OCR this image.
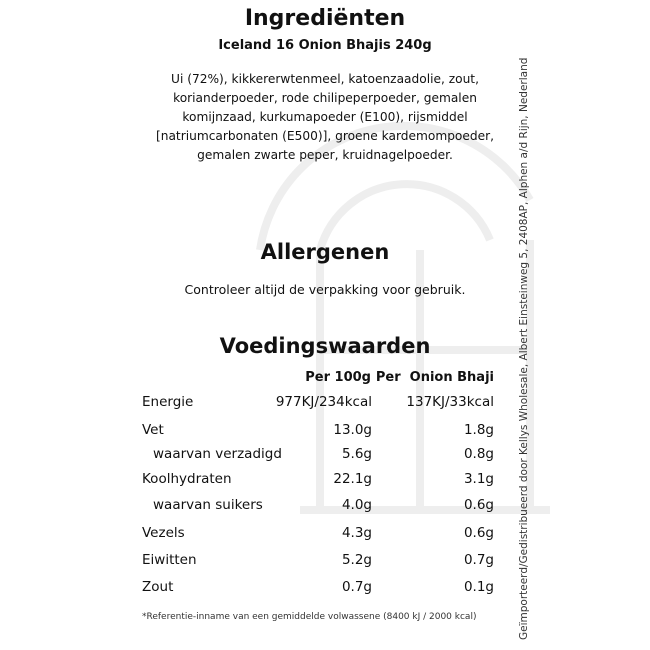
Ingrediënten
Iceland 16 Onion Bhajis 240g
Ui (72%), kikkererwtenmeel, katoenzaadolie, zout, korianderpoeder, rode chilipeperpoeder, gemalen komijnzaad, kurkumapoeder (E100), rijsmiddel [natriumcarbonaten (E500)], groene kardemompoeder, gemalen zwarte peper, kruidnagelpoeder.
Allergenen
Controleer altijd de verpakking voor gebruik.
Voedingswaarden
Per 100g Per  Onion Bhaji
Energie	977KJ/234kcal	137KJ/33kcal
Vet	13.0g	1.8g
waarvan verzadigd	5.6g	0.8g
Koolhydraten	22.1g	3.1g
waarvan suikers	4.0g	0.6g
Vezels	4.3g	0.6g
Eiwitten	5.2g	0.7g
Zout	0.7g	0.1g
*Referentie-inname van een gemiddelde volwassene (8400 kJ / 2000 kcal)	Geïmporteerd/Gedistribueerd door Kellys Wholesale, Albert Einsteinweg 5, 2408AP, Alphen a/d Rijn, Nederland
